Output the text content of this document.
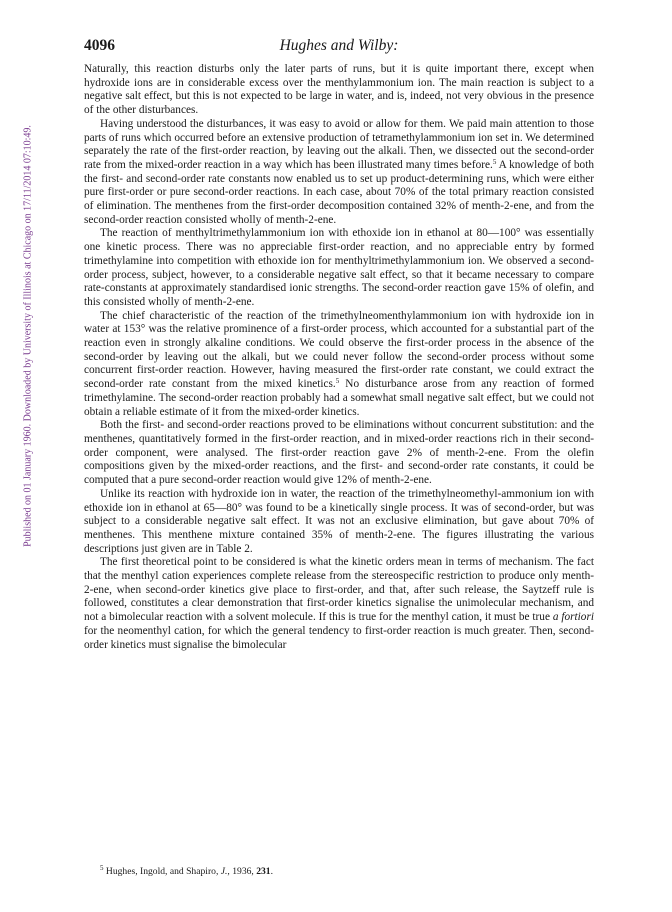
Published on 01 January 1960. Downloaded by University of Illinois at Chicago on 17/11/2014 07:10:49.
4096	Hughes and Wilby:

Naturally, this reaction disturbs only the later parts of runs, but it is quite important there, except when hydroxide ions are in considerable excess over the menthylammonium ion. The main reaction is subject to a negative salt effect, but this is not expected to be large in water, and is, indeed, not very obvious in the presence of the other disturbances.

Having understood the disturbances, it was easy to avoid or allow for them. We paid main attention to those parts of runs which occurred before an extensive production of tetramethylammonium ion set in. We determined separately the rate of the first-order reaction, by leaving out the alkali. Then, we dissected out the second-order rate from the mixed-order reaction in a way which has been illustrated many times before.$^5$ A knowledge of both the first- and second-order rate constants now enabled us to set up product-determining runs, which were either pure first-order or pure second-order reactions. In each case, about 70% of the total primary reaction consisted of elimination. The menthenes from the first-order decomposition contained 32% of menth-2-ene, and from the second-order reaction consisted wholly of menth-2-ene.

The reaction of menthyltrimethylammonium ion with ethoxide ion in ethanol at 80—100° was essentially one kinetic process. There was no appreciable first-order reaction, and no appreciable entry by formed trimethylamine into competition with ethoxide ion for menthyltrimethylammonium ion. We observed a second-order process, subject, however, to a considerable negative salt effect, so that it became necessary to compare rate-constants at approximately standardised ionic strengths. The second-order reaction gave 15% of olefin, and this consisted wholly of menth-2-ene.

The chief characteristic of the reaction of the trimethylneomenthylammonium ion with hydroxide ion in water at 153° was the relative prominence of a first-order process, which accounted for a substantial part of the reaction even in strongly alkaline conditions. We could observe the first-order process in the absence of the second-order by leaving out the alkali, but we could never follow the second-order process without some concurrent first-order reaction. However, having measured the first-order rate constant, we could extract the second-order rate constant from the mixed kinetics.$^5$ No disturbance arose from any reaction of formed trimethylamine. The second-order reaction probably had a somewhat small negative salt effect, but we could not obtain a reliable estimate of it from the mixed-order kinetics.

Both the first- and second-order reactions proved to be eliminations without concurrent substitution: and the menthenes, quantitatively formed in the first-order reaction, and in mixed-order reactions rich in their second-order component, were analysed. The first-order reaction gave 2% of menth-2-ene. From the olefin compositions given by the mixed-order reactions, and the first- and second-order rate constants, it could be computed that a pure second-order reaction would give 12% of menth-2-ene.

Unlike its reaction with hydroxide ion in water, the reaction of the trimethylneomethyl-ammonium ion with ethoxide ion in ethanol at 65—80° was found to be a kinetically single process. It was of second-order, but was subject to a considerable negative salt effect. It was not an exclusive elimination, but gave about 70% of menthenes. This menthene mixture contained 35% of menth-2-ene. The figures illustrating the various descriptions just given are in Table 2.

The first theoretical point to be considered is what the kinetic orders mean in terms of mechanism. The fact that the menthyl cation experiences complete release from the stereospecific restriction to produce only menth-2-ene, when second-order kinetics give place to first-order, and that, after such release, the Saytzeff rule is followed, constitutes a clear demonstration that first-order kinetics signalise the unimolecular mechanism, and not a bimolecular reaction with a solvent molecule. If this is true for the menthyl cation, it must be true a fortiori for the neomenthyl cation, for which the general tendency to first-order reaction is much greater. Then, second-order kinetics must signalise the bimolecular

$^5$ Hughes, Ingold, and Shapiro, J., 1936, 231.
